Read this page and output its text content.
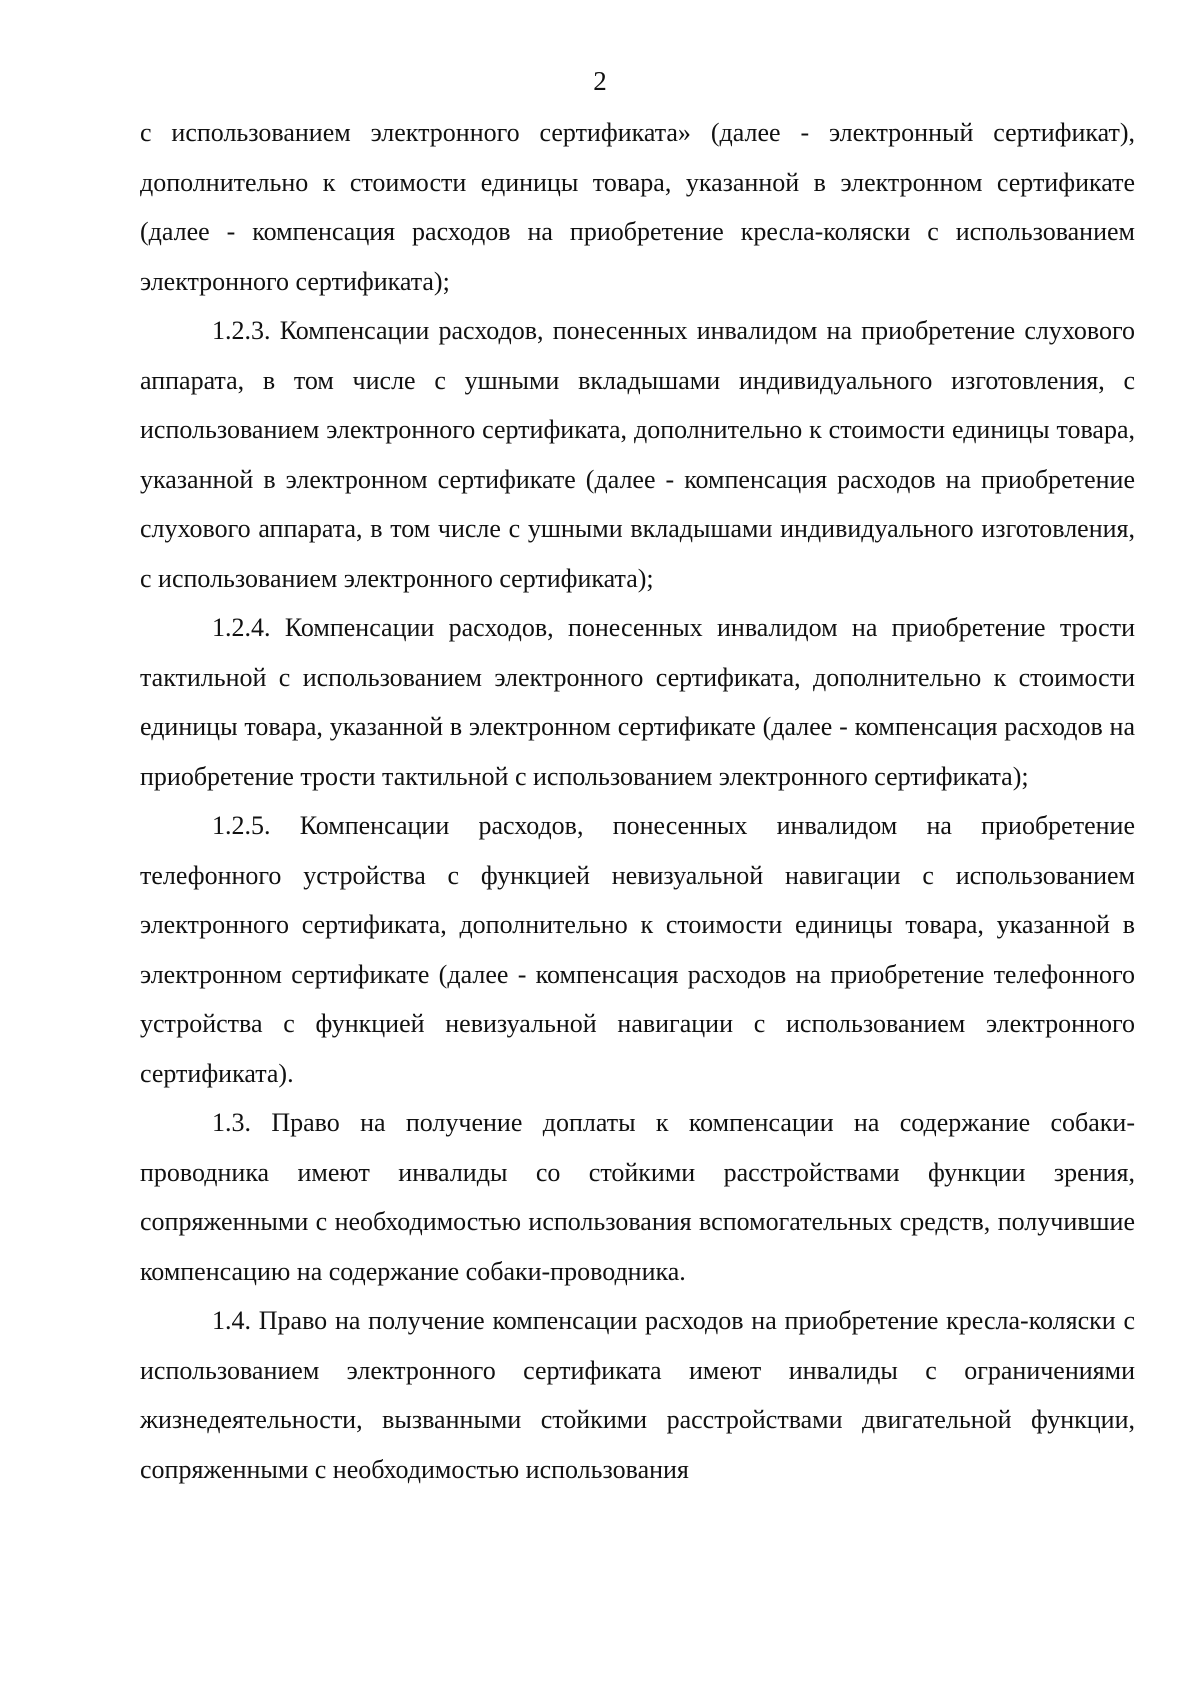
2

с использованием электронного сертификата» (далее - электронный сертификат), дополнительно к стоимости единицы товара, указанной в электронном сертификате (далее - компенсация расходов на приобретение кресла-коляски с использованием электронного сертификата);

1.2.3. Компенсации расходов, понесенных инвалидом на приобретение слухового аппарата, в том числе с ушными вкладышами индивидуального изготовления, с использованием электронного сертификата, дополнительно к стоимости единицы товара, указанной в электронном сертификате (далее - компенсация расходов на приобретение слухового аппарата, в том числе с ушными вкладышами индивидуального изготовления, с использованием электронного сертификата);

1.2.4. Компенсации расходов, понесенных инвалидом на приобретение трости тактильной с использованием электронного сертификата, дополнительно к стоимости единицы товара, указанной в электронном сертификате (далее - компенсация расходов на приобретение трости тактильной с использованием электронного сертификата);

1.2.5. Компенсации расходов, понесенных инвалидом на приобретение телефонного устройства с функцией невизуальной навигации с использованием электронного сертификата, дополнительно к стоимости единицы товара, указанной в электронном сертификате (далее - компенсация расходов на приобретение телефонного устройства с функцией невизуальной навигации с использованием электронного сертификата).

1.3. Право на получение доплаты к компенсации на содержание собаки-проводника имеют инвалиды со стойкими расстройствами функции зрения, сопряженными с необходимостью использования вспомогательных средств, получившие компенсацию на содержание собаки-проводника.

1.4. Право на получение компенсации расходов на приобретение кресла-коляски с использованием электронного сертификата имеют инвалиды с ограничениями жизнедеятельности, вызванными стойкими расстройствами двигательной функции, сопряженными с необходимостью использования
